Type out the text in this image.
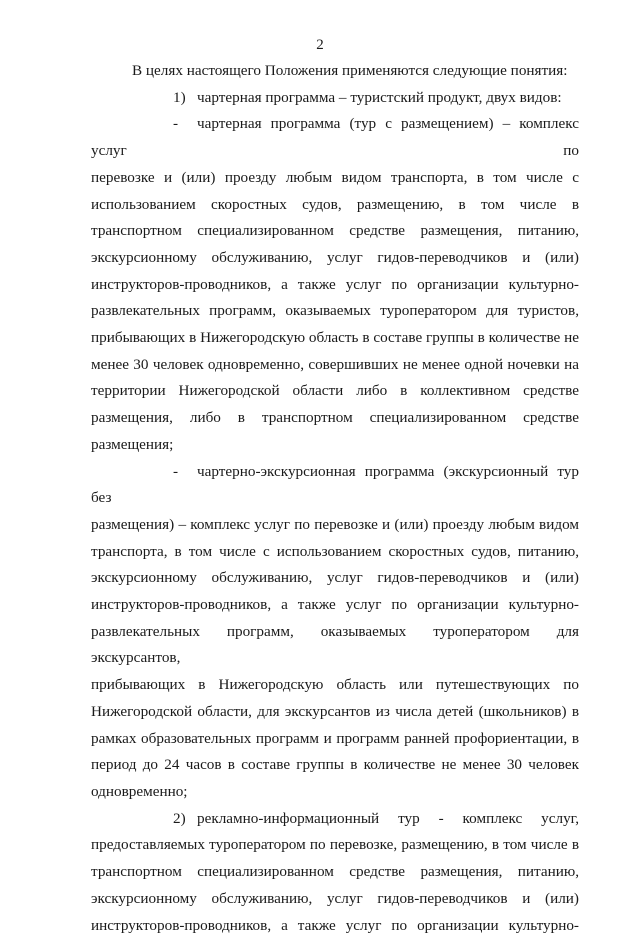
2

В целях настоящего Положения применяются следующие понятия:

1) чартерная программа – туристский продукт, двух видов:

- чартерная программа (тур с размещением) – комплекс услуг по

перевозке и (или) проезду любым видом транспорта, в том числе с

использованием скоростных судов, размещению, в том числе в

транспортном специализированном средстве размещения, питанию,

экскурсионному обслуживанию, услуг гидов-переводчиков и (или)

инструкторов-проводников, а также услуг по организации культурно-

развлекательных программ, оказываемых туроператором для туристов,

прибывающих в Нижегородскую область в составе группы в количестве не

менее 30 человек одновременно, совершивших не менее одной ночевки на

территории Нижегородской области либо в коллективном средстве

размещения, либо в транспортном специализированном средстве

размещения;

- чартерно-экскурсионная программа (экскурсионный тур без

размещения) – комплекс услуг по перевозке и (или) проезду любым видом

транспорта, в том числе с использованием скоростных судов, питанию,

экскурсионному обслуживанию, услуг гидов-переводчиков и (или)

инструкторов-проводников, а также услуг по организации культурно-

развлекательных программ, оказываемых туроператором для экскурсантов,

прибывающих в Нижегородскую область или путешествующих по

Нижегородской области, для экскурсантов из числа детей (школьников) в

рамках образовательных программ и программ ранней профориентации, в

период до 24 часов в составе группы в количестве не менее 30 человек

одновременно;

2) рекламно-информационный тур - комплекс услуг,

предоставляемых туроператором по перевозке, размещению, в том числе в

транспортном специализированном средстве размещения, питанию,

экскурсионному обслуживанию, услуг гидов-переводчиков и (или)

инструкторов-проводников, а также услуг по организации культурно-
